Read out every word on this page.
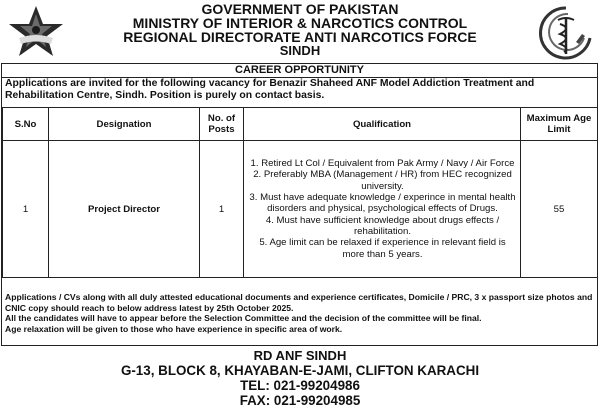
GOVERNMENT OF PAKISTAN
MINISTRY OF INTERIOR & NARCOTICS CONTROL
REGIONAL DIRECTORATE ANTI NARCOTICS FORCE
SINDH
CAREER OPPORTUNITY
Applications are invited for the following vacancy for Benazir Shaheed ANF Model Addiction Treatment and Rehabilitation Centre, Sindh. Position is purely on contact basis.
S.No	Designation	No. of Posts	Qualification	Maximum Age Limit
1	Project Director	1	1. Retired Lt Col / Equivalent from Pak Army / Navy / Air Force
2. Preferably MBA (Management / HR) from HEC recognized university.
3. Must have adequate knowledge / experince in mental health disorders and physical, psychological effects of Drugs.
4. Must have sufficient knowledge about drugs effects / rehabilitation.
5. Age limit can be relaxed if experience in relevant field is more than 5 years.	55
Applications / CVs along with all duly attested educational documents and experience certificates, Domicile / PRC, 3 x passport size photos and CNIC copy should reach to below address latest by 25th October 2025.
All the candidates will have to appear before the Selection Committee and the decision of the committee will be final.
Age relaxation will be given to those who have experience in specific area of work.
RD ANF SINDH
G-13, BLOCK 8, KHAYABAN-E-JAMI, CLIFTON KARACHI
TEL: 021-99204986
FAX: 021-99204985
